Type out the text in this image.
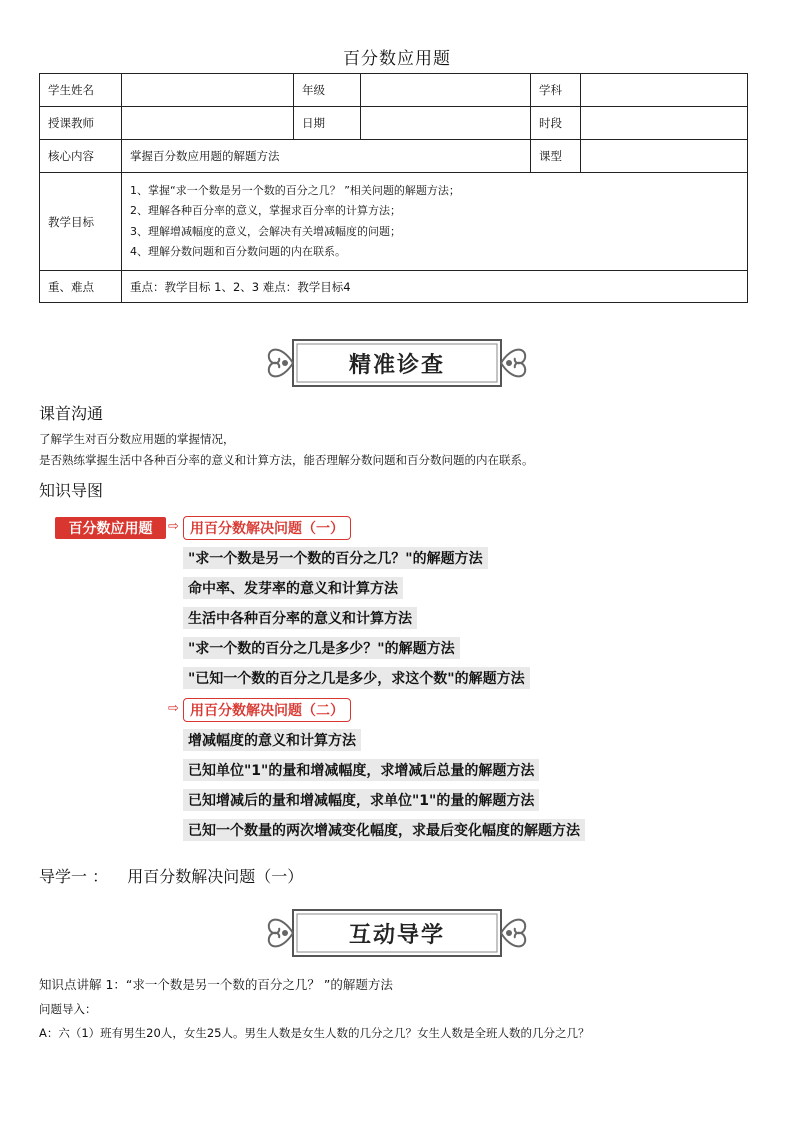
百分数应用题
学生姓名		年级		学科	
授课教师		日期		时段	
核心内容	掌握百分数应用题的解题方法			课型	
教学目标	1、掌握“求一个数是另一个数的百分之几？ ”相关问题的解题方法；
2、理解各种百分率的意义，掌握求百分率的计算方法；
3、理解增减幅度的意义，会解决有关增减幅度的问题；
4、理解分数问题和百分数问题的内在联系。				

重、难点	重点：教学目标 1、2、3 难点：教学目标4				
精准诊查
课首沟通
了解学生对百分数应用题的掌握情况，
是否熟练掌握生活中各种百分率的意义和计算方法，能否理解分数问题和百分数问题的内在联系。
知识导图
百分数应用题	⇨ 用百分数解决问题（一）
"求一个数是另一个数的百分之几？"的解题方法
命中率、发芽率的意义和计算方法
生活中各种百分率的意义和计算方法
"求一个数的百分之几是多少？"的解题方法
"已知一个数的百分之几是多少，求这个数"的解题方法
⇨ 用百分数解决问题（二）
增减幅度的意义和计算方法
已知单位"1"的量和增减幅度，求增减后总量的解题方法
已知增减后的量和增减幅度，求单位"1"的量的解题方法
已知一个数量的两次增减变化幅度，求最后变化幅度的解题方法
导学一 ： 用百分数解决问题（一）
互动导学
知识点讲解 1：“求一个数是另一个数的百分之几？ ”的解题方法
问题导入：
A：六（1）班有男生20人，女生25人。男生人数是女生人数的几分之几？女生人数是全班人数的几分之几？
